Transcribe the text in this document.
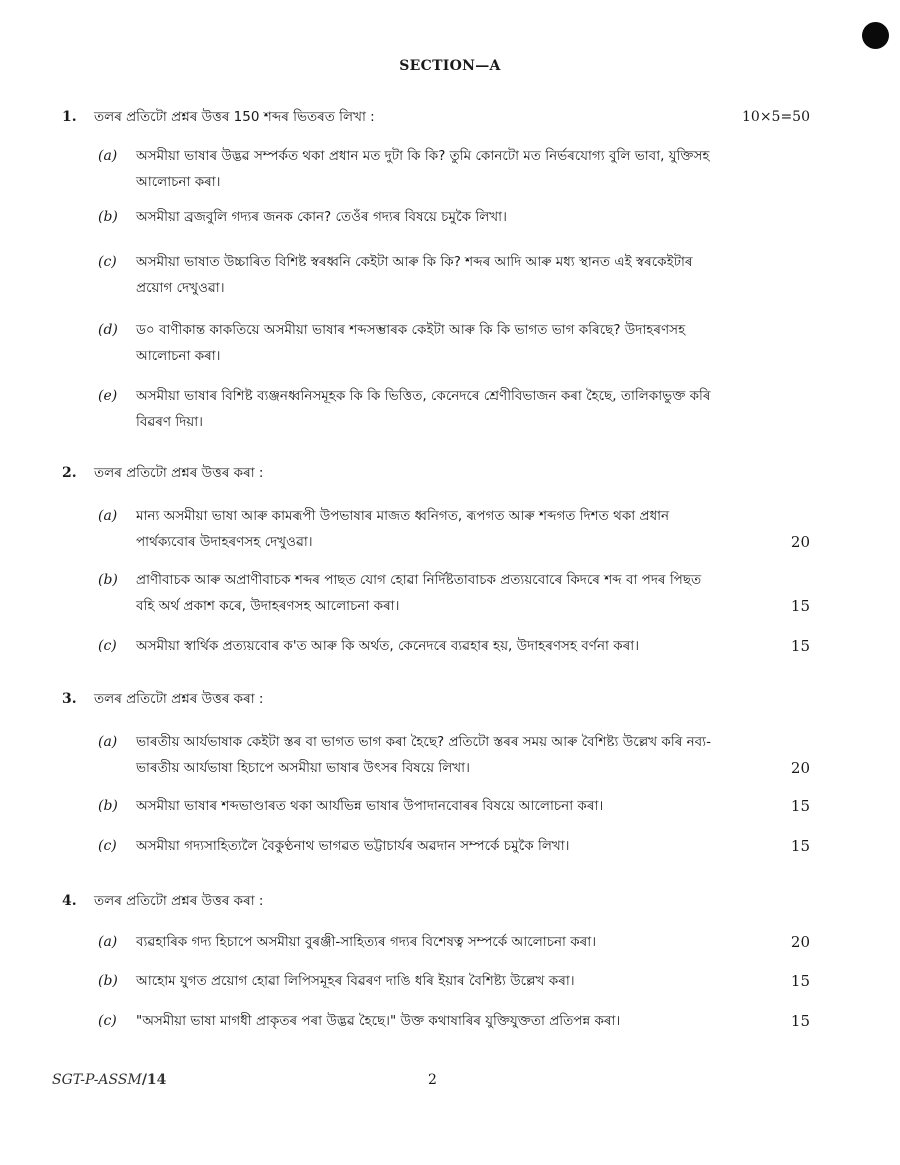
SECTION—A
1. তলৰ প্ৰতিটো প্ৰশ্নৰ উত্তৰ 150 শব্দৰ ভিতৰত লিখা :	10×5=50
(a) অসমীয়া ভাষাৰ উদ্ভৱ সম্পৰ্কত থকা প্ৰধান মত দুটা কি কি? তুমি কোনটো মত নিৰ্ভৰযোগ্য বুলি ভাবা, যুক্তিসহ
আলোচনা কৰা।
(b) অসমীয়া ব্ৰজবুলি গদ্যৰ জনক কোন? তেওঁৰ গদ্যৰ বিষয়ে চমুকৈ লিখা।
(c) অসমীয়া ভাষাত উচ্চাৰিত বিশিষ্ট স্বৰধ্বনি কেইটা আৰু কি কি? শব্দৰ আদি আৰু মধ্য স্থানত এই স্বৰকেইটাৰ
প্ৰয়োগ দেখুওৱা।
(d) ড০ বাণীকান্ত কাকতিয়ে অসমীয়া ভাষাৰ শব্দসম্ভাৰক কেইটা আৰু কি কি ভাগত ভাগ কৰিছে? উদাহৰণসহ
আলোচনা কৰা।
(e) অসমীয়া ভাষাৰ বিশিষ্ট ব্যঞ্জনধ্বনিসমূহক কি কি ভিত্তিত, কেনেদৰে শ্ৰেণীবিভাজন কৰা হৈছে, তালিকাভুক্ত কৰি
বিৱৰণ দিয়া।
2. তলৰ প্ৰতিটো প্ৰশ্নৰ উত্তৰ কৰা :
(a) মান্য অসমীয়া ভাষা আৰু কামৰূপী উপভাষাৰ মাজত ধ্বনিগত, ৰূপগত আৰু শব্দগত দিশত থকা প্ৰধান
পাৰ্থক্যবোৰ উদাহৰণসহ দেখুওৱা।	20
(b) প্ৰাণীবাচক আৰু অপ্ৰাণীবাচক শব্দৰ পাছত যোগ হোৱা নিৰ্দিষ্টতাবাচক প্ৰত্যয়বোৰে কিদৰে শব্দ বা পদৰ পিছত
বহি অৰ্থ প্ৰকাশ কৰে, উদাহৰণসহ আলোচনা কৰা।	15
(c) অসমীয়া স্বাৰ্থিক প্ৰত্যয়বোৰ ক'ত আৰু কি অৰ্থত, কেনেদৰে ব্যৱহাৰ হয়, উদাহৰণসহ বৰ্ণনা কৰা।	15
3. তলৰ প্ৰতিটো প্ৰশ্নৰ উত্তৰ কৰা :
(a) ভাৰতীয় আৰ্যভাষাক কেইটা স্তৰ বা ভাগত ভাগ কৰা হৈছে? প্ৰতিটো স্তৰৰ সময় আৰু বৈশিষ্ট্য উল্লেখ কৰি নব্য-
ভাৰতীয় আৰ্যভাষা হিচাপে অসমীয়া ভাষাৰ উৎসৰ বিষয়ে লিখা।	20
(b) অসমীয়া ভাষাৰ শব্দভাণ্ডাৰত থকা আৰ্যভিন্ন ভাষাৰ উপাদানবোৰৰ বিষয়ে আলোচনা কৰা।	15
(c) অসমীয়া গদ্যসাহিত্যলৈ বৈকুণ্ঠনাথ ভাগৱত ভট্টাচাৰ্যৰ অৱদান সম্পৰ্কে চমুকৈ লিখা।	15
4. তলৰ প্ৰতিটো প্ৰশ্নৰ উত্তৰ কৰা :
(a) ব্যৱহাৰিক গদ্য হিচাপে অসমীয়া বুৰঞ্জী-সাহিত্যৰ গদ্যৰ বিশেষত্ব সম্পৰ্কে আলোচনা কৰা।	20
(b) আহোম যুগত প্ৰয়োগ হোৱা লিপিসমূহৰ বিৱৰণ দাঙি ধৰি ইয়াৰ বৈশিষ্ট্য উল্লেখ কৰা।	15
(c) "অসমীয়া ভাষা মাগধী প্ৰাকৃতৰ পৰা উদ্ভৱ হৈছে।" উক্ত কথাষাৰিৰ যুক্তিযুক্ততা প্ৰতিপন্ন কৰা।	15
SGT-P-ASSM/14	2
